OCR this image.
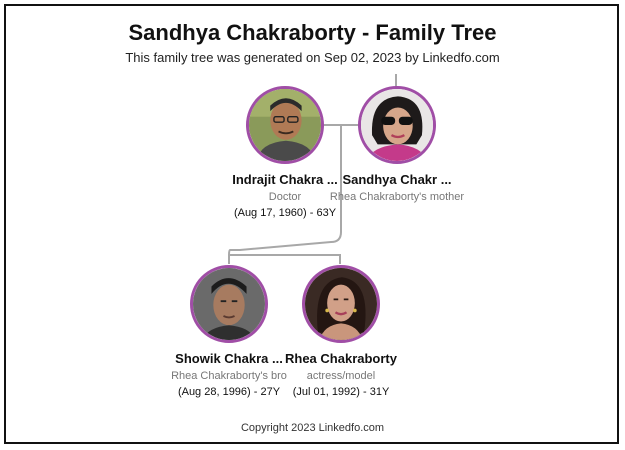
Sandhya Chakraborty - Family Tree
This family tree was generated on Sep 02, 2023 by Linkedfo.com
Indrajit Chakra ...
Doctor
(Aug 17, 1960) - 63Y
Sandhya Chakr ...
Rhea Chakraborty's mother
Showik Chakra ...
Rhea Chakraborty's bro
(Aug 28, 1996) - 27Y
Rhea Chakraborty
actress/model
(Jul 01, 1992) - 31Y
Copyright 2023 Linkedfo.com
